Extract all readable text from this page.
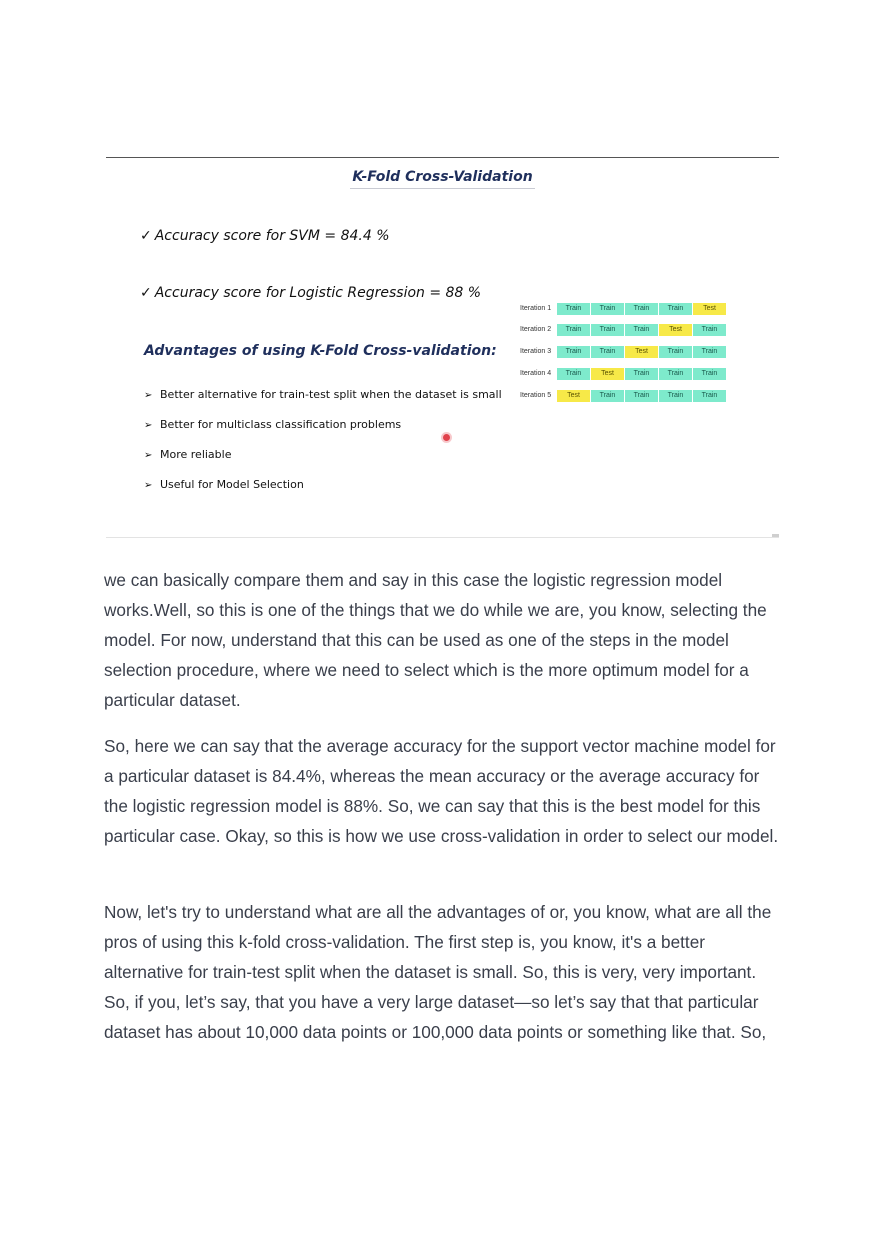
K-Fold Cross-Validation
✓ Accuracy score for SVM = 84.4 %
✓ Accuracy score for Logistic Regression = 88 %
Advantages of using K-Fold Cross-validation:
➢ Better alternative for train-test split when the dataset is small
➢ Better for multiclass classification problems
➢ More reliable
➢ Useful for Model Selection
Iteration 1	Train	Train	Train	Train	Test
Iteration 2	Train	Train	Train	Test	Train
Iteration 3	Train	Train	Test	Train	Train
Iteration 4	Train	Test	Train	Train	Train
Iteration 5	Test	Train	Train	Train	Train

we can basically compare them and say in this case the logistic regression model works.Well, so this is one of the things that we do while we are, you know, selecting the model. For now, understand that this can be used as one of the steps in the model selection procedure, where we need to select which is the more optimum model for a particular dataset.

So, here we can say that the average accuracy for the support vector machine model for a particular dataset is 84.4%, whereas the mean accuracy or the average accuracy for the logistic regression model is 88%. So, we can say that this is the best model for this particular case. Okay, so this is how we use cross-validation in order to select our model.

Now, let's try to understand what are all the advantages of or, you know, what are all the pros of using this k-fold cross-validation. The first step is, you know, it's a better alternative for train-test split when the dataset is small. So, this is very, very important. So, if you, let’s say, that you have a very large dataset—so let’s say that that particular dataset has about 10,000 data points or 100,000 data points or something like that. So,
